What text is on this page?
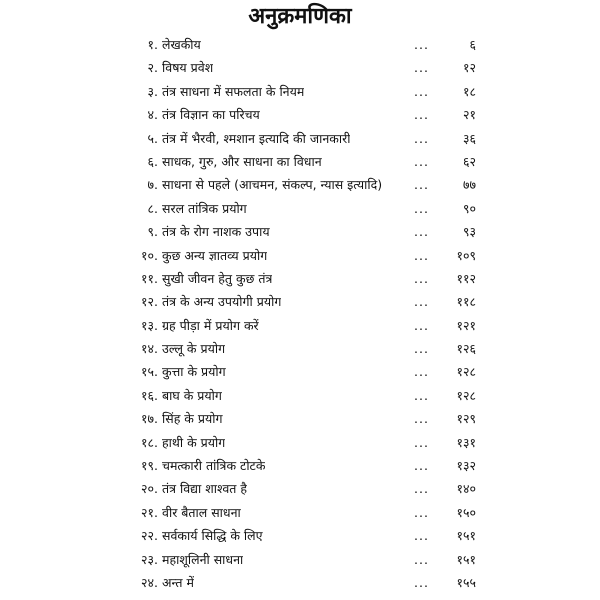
अनुक्रमणिका
१. लेखकीय	...	६
२. विषय प्रवेश	...	१२
३. तंत्र साधना में सफलता के नियम	...	१८
४. तंत्र विज्ञान का परिचय	...	२१
५. तंत्र में भैरवी, श्मशान इत्यादि की जानकारी	...	३६
६. साधक, गुरु, और साधना का विधान	...	६२
७. साधना से पहले (आचमन, संकल्प, न्यास इत्यादि)	...	७७
८. सरल तांत्रिक प्रयोग	...	९०
९. तंत्र के रोग नाशक उपाय	...	९३
१०. कुछ अन्य ज्ञातव्य प्रयोग	...	१०९
११. सुखी जीवन हेतु कुछ तंत्र	...	११२
१२. तंत्र के अन्य उपयोगी प्रयोग	...	११८
१३. ग्रह पीड़ा में प्रयोग करें	...	१२१
१४. उल्लू के प्रयोग	...	१२६
१५. कुत्ता के प्रयोग	...	१२८
१६. बाघ के प्रयोग	...	१२८
१७. सिंह के प्रयोग	...	१२९
१८. हाथी के प्रयोग	...	१३१
१९. चमत्कारी तांत्रिक टोटके	...	१३२
२०. तंत्र विद्या शाश्वत है	...	१४०
२१. वीर बैताल साधना	...	१५०
२२. सर्वकार्य सिद्धि के लिए	...	१५१
२३. महाशूलिनी साधना	...	१५१
२४. अन्त में	...	१५५
